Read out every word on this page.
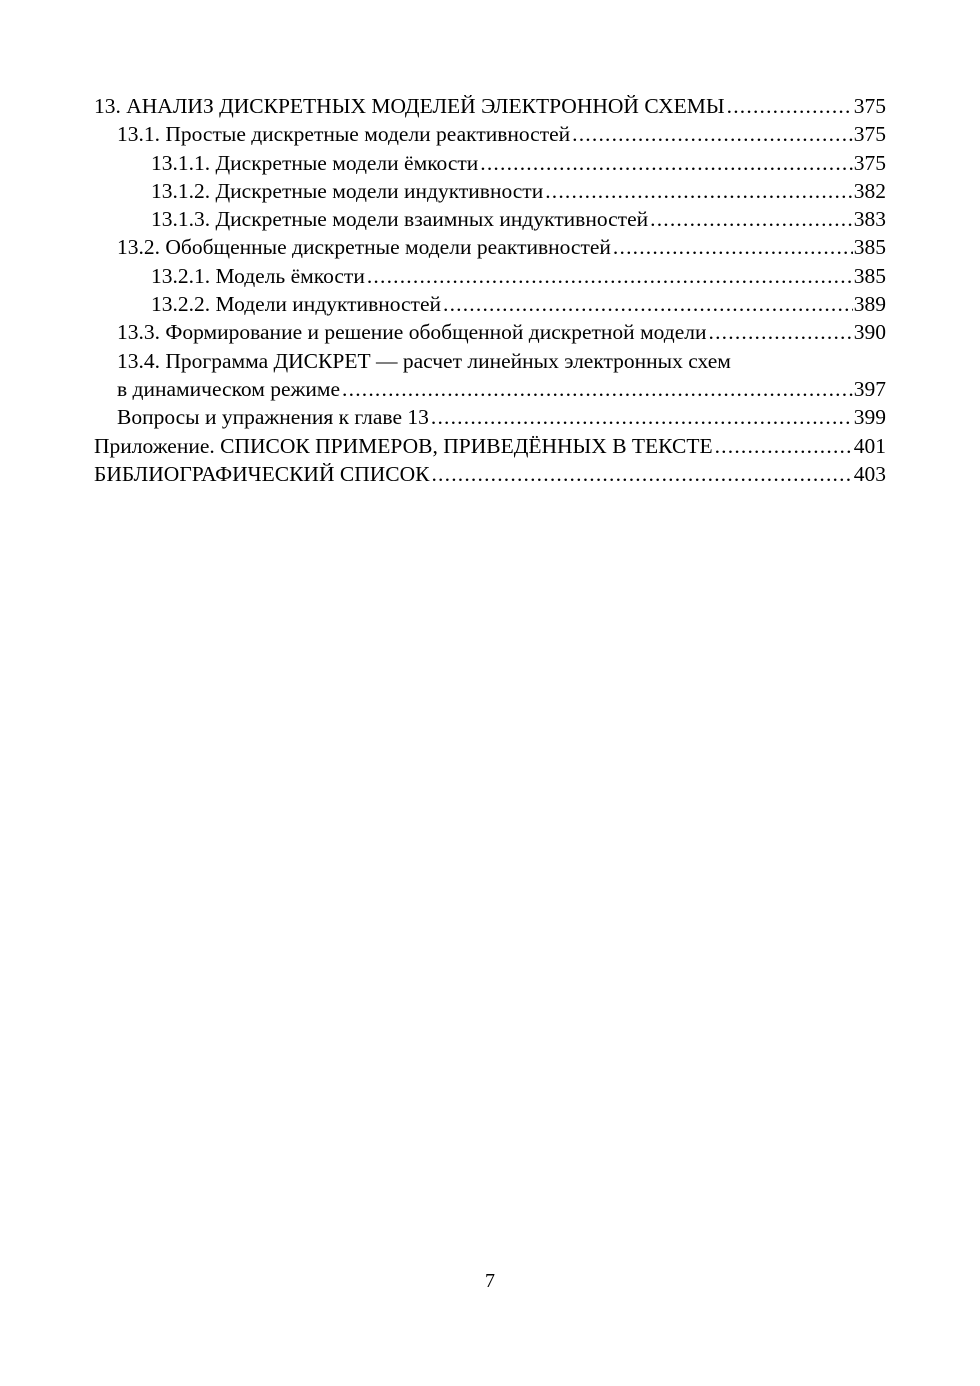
13. АНАЛИЗ ДИСКРЕТНЫХ МОДЕЛЕЙ ЭЛЕКТРОННОЙ СХЕМЫ .....	375
13.1. Простые дискретные модели реактивностей .....	375
13.1.1. Дискретные модели ёмкости .....	375
13.1.2. Дискретные модели индуктивности .....	382
13.1.3. Дискретные модели взаимных индуктивностей .....	383
13.2. Обобщенные дискретные модели реактивностей .....	385
13.2.1. Модель ёмкости .....	385
13.2.2. Модели индуктивностей .....	389
13.3. Формирование и решение обобщенной дискретной модели .....	390
13.4. Программа ДИСКРЕТ — расчет линейных электронных схем
в динамическом режиме .....	397
Вопросы и упражнения к главе 13 .....	399
Приложение. СПИСОК ПРИМЕРОВ, ПРИВЕДЁННЫХ В ТЕКСТЕ .....	401
БИБЛИОГРАФИЧЕСКИЙ СПИСОК .....	403
7
